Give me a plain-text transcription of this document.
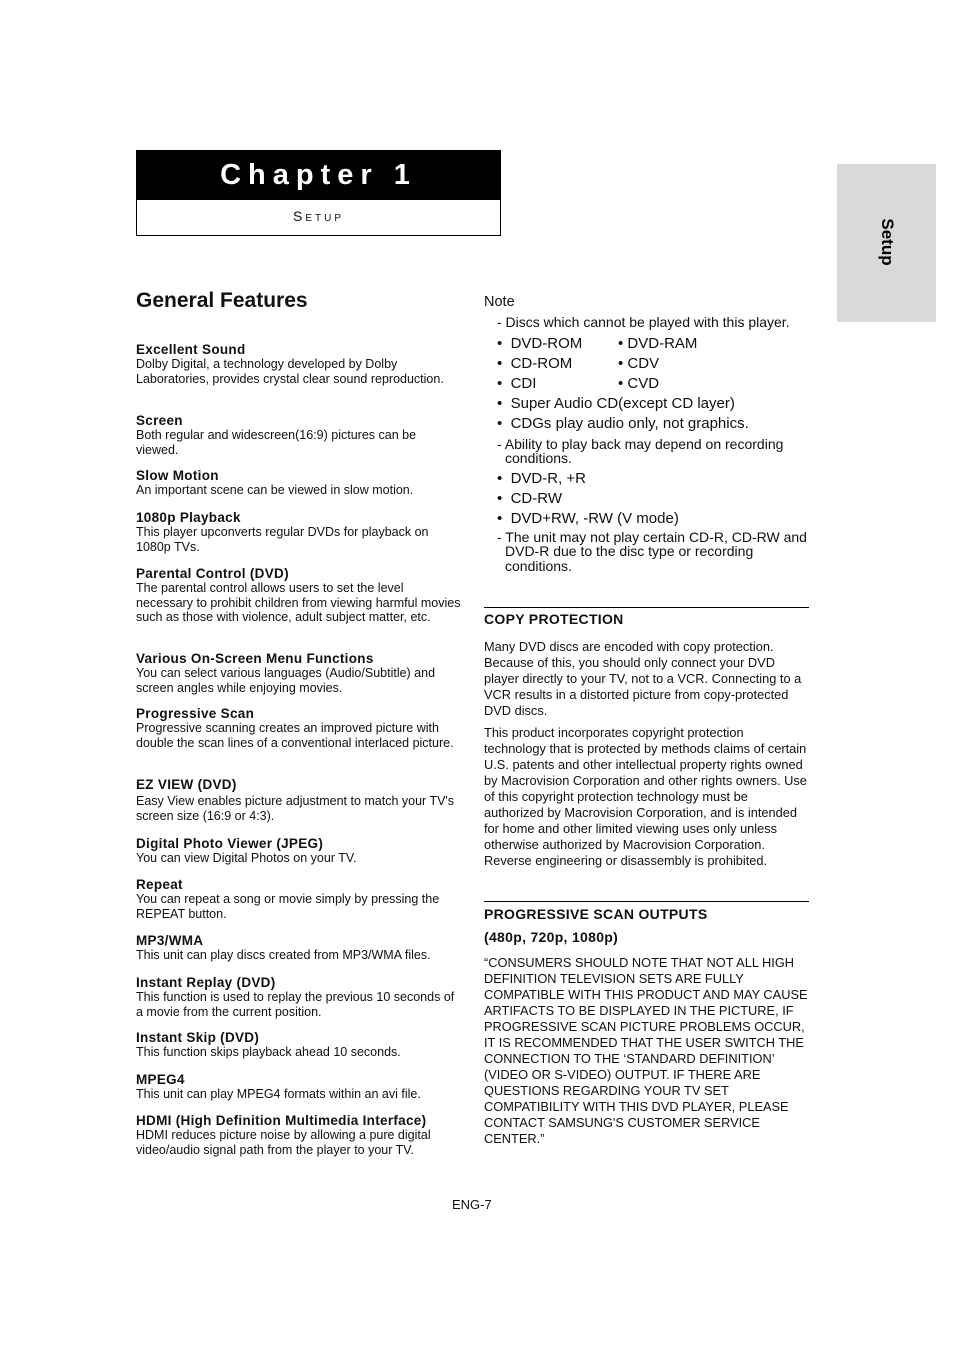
Chapter 1
Setup
Setup
General Features
Excellent Sound
Dolby Digital, a technology developed by Dolby Laboratories, provides crystal clear sound reproduction.
Screen
Both regular and widescreen(16:9) pictures can be viewed.
Slow Motion
An important scene can be viewed in slow motion.
1080p Playback
This player upconverts regular DVDs for playback on 1080p TVs.
Parental Control (DVD)
The parental control allows users to set the level necessary to prohibit children from viewing harmful movies such as those with violence, adult subject matter, etc.
Various On-Screen Menu Functions
You can select various languages (Audio/Subtitle) and screen angles while enjoying movies.
Progressive Scan
Progressive scanning creates an improved picture with double the scan lines of a conventional interlaced picture.
EZ VIEW (DVD)
Easy View enables picture adjustment to match your TV's screen size (16:9 or 4:3).
Digital Photo Viewer (JPEG)
You can view Digital Photos on your TV.
Repeat
You can repeat a song or movie simply by pressing the REPEAT button.
MP3/WMA
This unit can play discs created from MP3/WMA files.
Instant Replay (DVD)
This function is used to replay the previous 10 seconds of a movie from the current position.
Instant Skip (DVD)
This function skips playback ahead 10 seconds.
MPEG4
This unit can play MPEG4 formats within an avi file.
HDMI (High Definition Multimedia Interface)
HDMI reduces picture noise by allowing a pure digital video/audio signal path from the player to your TV.
Note
- Discs which cannot be played with this player.
•  DVD-ROM	• DVD-RAM
•  CD-ROM	• CDV
•  CDI	• CVD
•  Super Audio CD(except CD layer)
•  CDGs play audio only, not graphics.
- Ability to play back may depend on recording conditions.
•  DVD-R, +R
•  CD-RW
•  DVD+RW, -RW (V mode)
- The unit may not play certain CD-R, CD-RW and DVD-R due to the disc type or recording conditions.
COPY PROTECTION
Many DVD discs are encoded with copy protection. Because of this, you should only connect your DVD player directly to your TV, not to a VCR. Connecting to a VCR results in a distorted picture from copy-protected DVD discs.
This product incorporates copyright protection technology that is protected by methods claims of certain U.S. patents and other intellectual property rights owned by Macrovision Corporation and other rights owners. Use of this copyright protection technology must be authorized by Macrovision Corporation, and is intended for home and other limited viewing uses only unless otherwise authorized by Macrovision Corporation. Reverse engineering or disassembly is prohibited.
PROGRESSIVE SCAN OUTPUTS
(480p, 720p, 1080p)
“CONSUMERS SHOULD NOTE THAT NOT ALL HIGH DEFINITION TELEVISION SETS ARE FULLY COMPATIBLE WITH THIS PRODUCT AND MAY CAUSE ARTIFACTS TO BE DISPLAYED IN THE PICTURE, IF PROGRESSIVE SCAN PICTURE PROBLEMS OCCUR, IT IS RECOMMENDED THAT THE USER SWITCH THE CONNECTION TO THE ‘STANDARD DEFINITION’ (VIDEO OR S-VIDEO) OUTPUT. IF THERE ARE QUESTIONS REGARDING YOUR TV SET COMPATIBILITY WITH THIS DVD PLAYER, PLEASE CONTACT SAMSUNG'S CUSTOMER SERVICE CENTER.”
ENG-7
